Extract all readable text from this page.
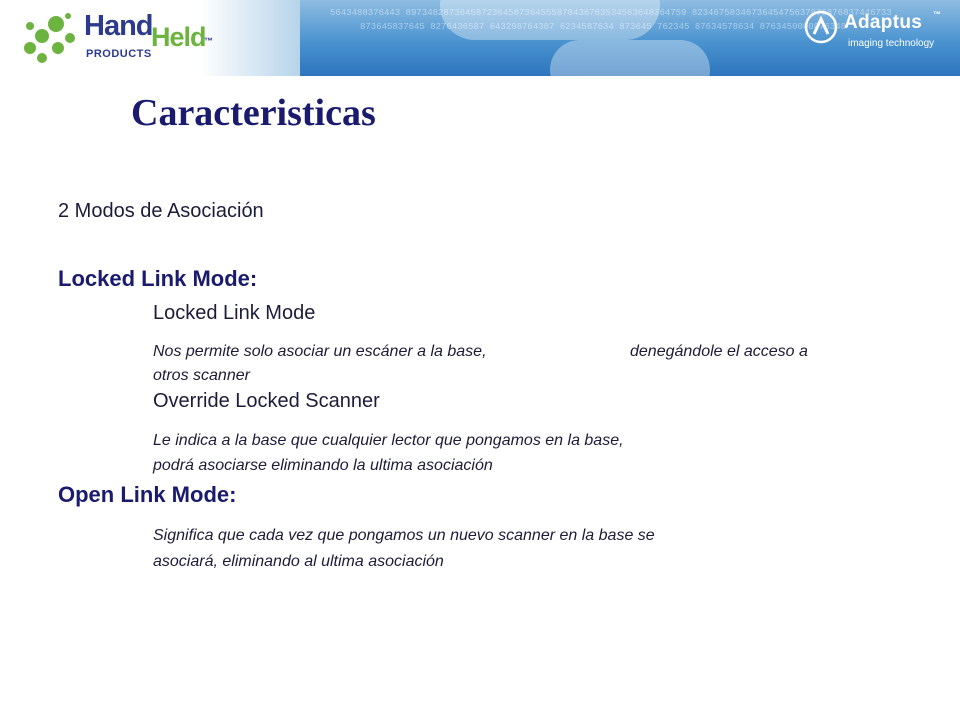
5643488376443 8973462873645872364587364555878436763534563648364759 8234675834673645475637876876837446733
873645837645 8276436587 643298764387 6234587634 873645 762345 87634578634 8763450000876348
Hand
Held
™
PRODUCTS
Adaptus ™
imaging technology
Caracteristicas

2 Modos de Asociación

Locked Link Mode:

Locked Link Mode

Nos permite solo asociar un escáner a la base,	denegándole el acceso a

otros scanner

Override Locked Scanner

Le indica a la base que cualquier lector que pongamos en la base,

podrá asociarse eliminando la ultima asociación

Open Link Mode:

Significa que cada vez que pongamos un nuevo scanner en la base se

asociará, eliminando al ultima asociación
